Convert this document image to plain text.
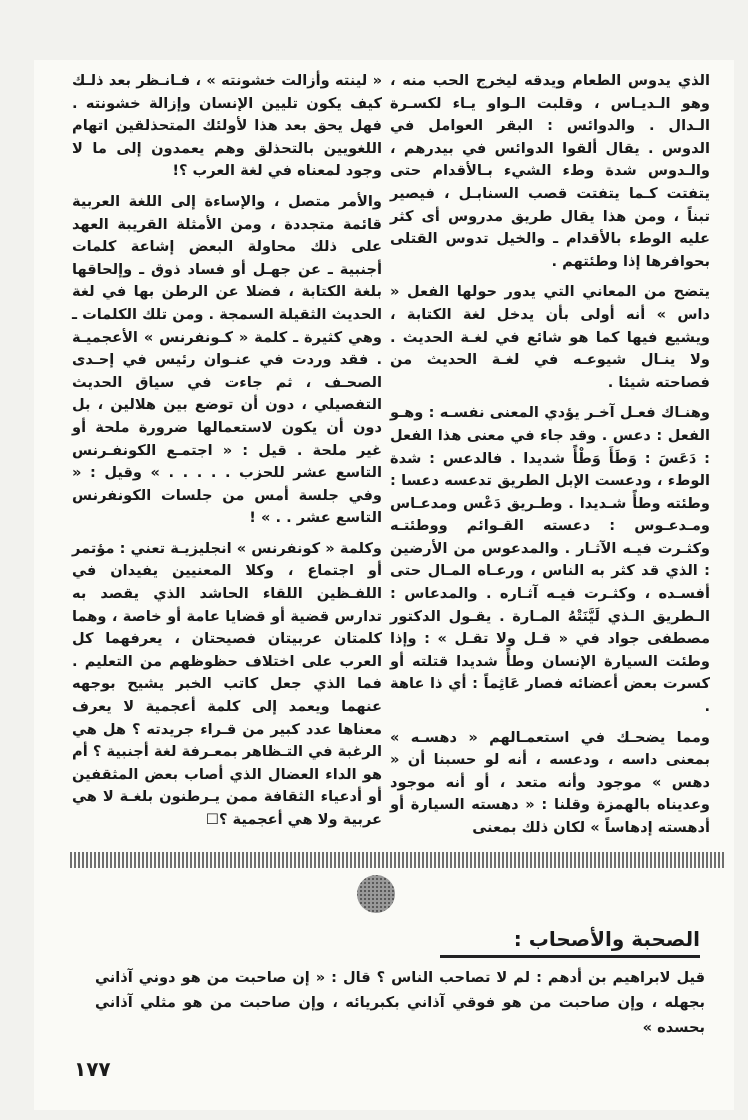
الذي يدوس الطعام ويدقه ليخرج الحب منه ، وهو الـديـاس ، وقلبت الـواو يـاء لكسـرة الـدال . والدوائس : البقر العوامل في الدوس . يقال ألقوا الدوائس في بيدرهم ، والـدوس شدة وطء الشيء بـالأقدام حتى يتفتت كـما يتفتت قصب السنابـل ، فيصير تبناً ، ومن هذا يقال طريق مدروس أى كثر عليه الوطء بالأقدام ـ والخيل تدوس القتلى بحوافرها إذا وطئتهم .

يتضح من المعاني التي يدور حولها الفعل « داس » أنه أولى بأن يدخل لغة الكتابة ، ويشيع فيها كما هو شائع في لغـة الحديث . ولا ينـال شيوعـه في لغـة الحديث من فصاحته شيئا .

وهنـاك فعـل آخـر يؤدي المعنى نفسـه : وهـو الفعل : دعس . وقد جاء في معنى هذا الفعل : دَعَسَ : وَطَأَ وَطْأً شديدا . فالدعس : شدة الوطء ، ودعست الإبل الطريق تدعسه دعسا : وطئته وطأً شـديدا . وطـريق دَعْس ومدعـاس ومـدعـوس : دعسته القـوائم ووطئتـه وكثـرت فيـه الآثـار . والمدعوس من الأرضين : الذي قد كثر به الناس ، ورعـاه المـال حتى أفسـده ، وكثـرت فيـه آثـاره . والمدعاس : الـطريق الـذي لَيَّنَتْهُ المـارة . يقـول الدكتور مصطفى جواد في « قـل ولا تقـل » : وإذا وطئت السيارة الإنسان وطأً شديدا قتلته أو كسرت بعض أعضائه فصار عَاثِماً : أي ذا عاهة .

ومما يضحـك في استعمـالهم « دهسـه » بمعنى داسه ، ودعسه ، أنه لو حسبنا أن « دهس » موجود وأنه متعد ، أو أنه موجود وعديناه بالهمزة وقلنا : « دهسته السيارة أو أدهسته إدهاساً » لكان ذلك بمعنى

« لينته وأزالت خشونته » ، فـانـظر بعد ذلـك كيف يكون تليين الإنسان وإزالة خشونته . فهل يحق بعد هذا لأولئك المتحذلقين اتهام اللغويين بالتحذلق وهم يعمدون إلى ما لا وجود لمعناه في لغة العرب ؟!

والأمر متصل ، والإساءة إلى اللغة العربية قائمة متجددة ، ومن الأمثلة القريبة العهد على ذلك محاولة البعض إشاعة كلمات أجنبية ـ عن جهـل أو فساد ذوق ـ وإلحاقها بلغة الكتابة ، فضلا عن الرطن بها في لغة الحديث الثقيلة السمجة . ومن تلك الكلمات ـ وهي كثيرة ـ كلمة « كـونفرنس » الأعجميـة . فقد وردت في عنـوان رئيس في إحـدى الصحـف ، ثم جاءت في سياق الحديث التفصيلي ، دون أن توضع بين هلالين ، بل دون أن يكون لاستعمالها ضرورة ملحة أو غير ملحة . قيل : « اجتمـع الكونفـرنس التاسع عشر للحزب . . . . . » وقيل : « وفي جلسة أمس من جلسات الكونفرنس التاسع عشر . . » !

وكلمة « كونفرنس » انجليزيـة تعني : مؤتمر أو اجتماع ، وكلا المعنيين يفيدان في اللفـظين اللقاء الحاشد الذي يقصد به تدارس قضية أو قضايا عامة أو خاصة ، وهما كلمتان عربيتان فصيحتان ، يعرفهما كل العرب على اختلاف حظوظهم من التعليم . فما الذي جعل كاتب الخبر يشيح بوجهه عنهما ويعمد إلى كلمة أعجمية لا يعرف معناها عدد كبير من قـراء جريدته ؟ هل هي الرغبة في التـظاهر بمعـرفة لغة أجنبية ؟ أم هو الداء العضال الذي أصاب بعض المثقفين أو أدعياء الثقافة ممن يـرطنون بلغـة لا هي عربية ولا هي أعجمية ؟☐

الصحبة والأصحاب :
قيل لابراهيم بن أدهم : لم لا تصاحب الناس ؟ قال : « إن صاحبت من هو دوني آذاني بجهله ، وإن صاحبت من هو فوقي آذاني بكبريائه ، وإن صاحبت من هو مثلي آذاني بحسده »
١٧٧
